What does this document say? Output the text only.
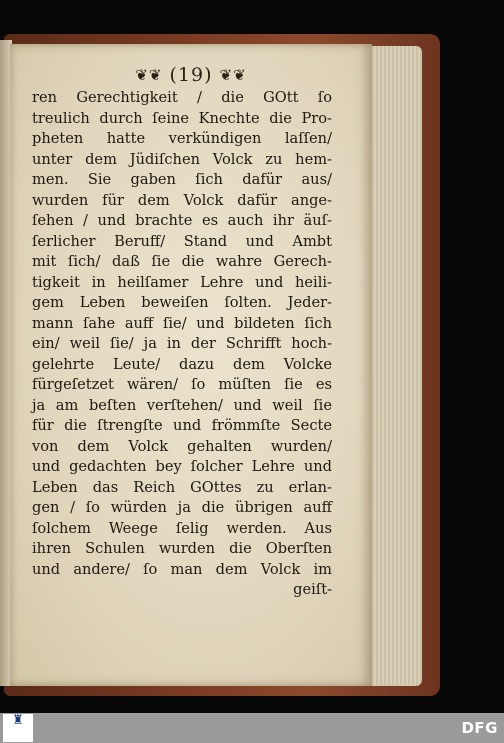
❦❦ (19) ❦❦
ren Gerechtigkeit / die GOtt ſo
treulich durch ſeine Knechte die Pro-
pheten hatte verkündigen laſſen/
unter dem Jüdiſchen Volck zu hem-
men. Sie gaben ſich dafür aus/
wurden für dem Volck dafür ange-
ſehen / und brachte es auch ihr äuſ-
ſerlicher Beruff/ Stand und Ambt
mit ſich/ daß ſie die wahre Gerech-
tigkeit in heilſamer Lehre und heili-
gem Leben beweiſen ſolten. Jeder-
mann ſahe auff ſie/ und bildeten ſich
ein/ weil ſie/ ja in der Schrifft hoch-
gelehrte Leute/ dazu dem Volcke
fürgeſetzet wären/ ſo müſten ſie es
ja am beſten verſtehen/ und weil ſie
für die ſtrengſte und frömmſte Secte
von dem Volck gehalten wurden/
und gedachten bey ſolcher Lehre und
Leben das Reich GOttes zu erlan-
gen / ſo würden ja die übrigen auff
ſolchem Weege ſelig werden. Aus
ihren Schulen wurden die Oberſten
und andere/ ſo man dem Volck im
geiſt-
♜	DFG
